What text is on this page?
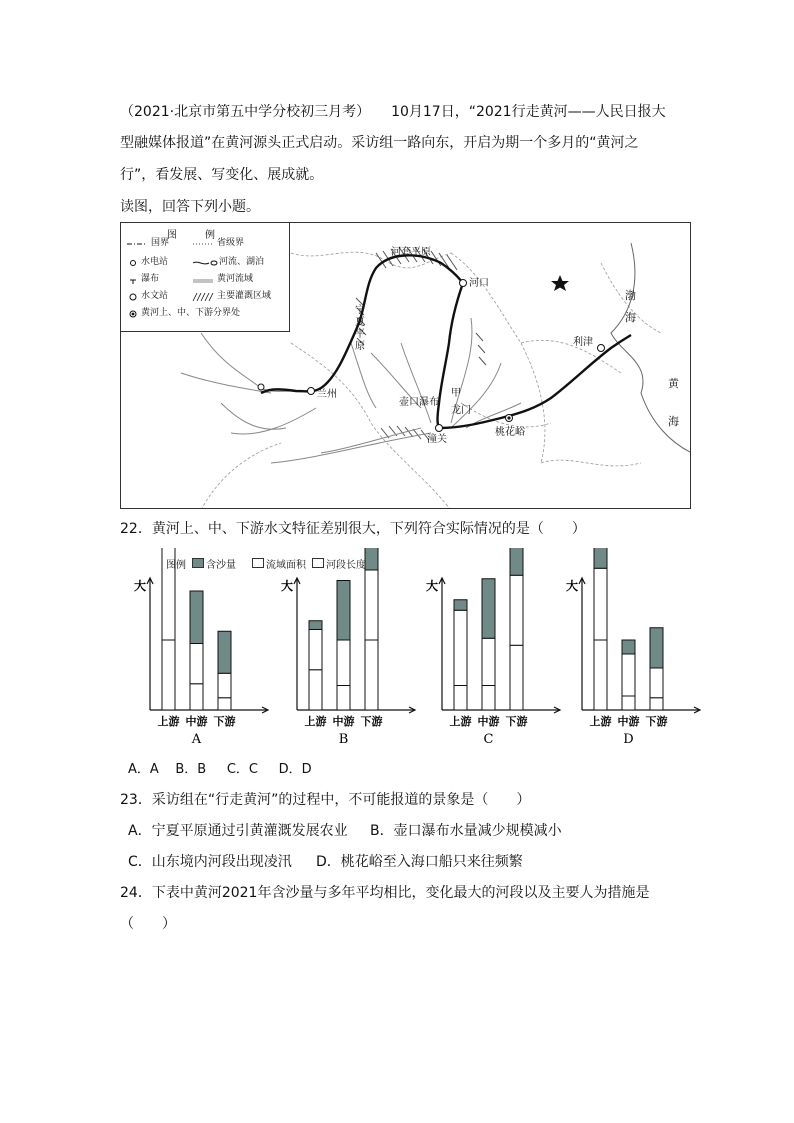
（2021·北京市第五中学分校初三月考）　　10月17日，“2021行走黄河——人民日报大
型融媒体报道”在黄河源头正式启动。采访组一路向东，开启为期一个多月的“黄河之
行”，看发展、写变化、展成就。
读图，回答下列小题。
图例
国界	省级界
水电站	河流、湖泊
瀑布	黄河流域
水文站	主要灌溉区域
黄河上、中、下游分界处
河套平原
河口
宁夏平原
兰州
壶口瀑布
甲
龙门
潼关
桃花峪
利津
渤海
黄海
22．黄河上、中、下游水文特征差别很大，下列符合实际情况的是（　　）
大
上游 中游 下游
A
大
上游 中游 下游
B
大
上游 中游 下游
C
大
上游 中游 下游
D
图例 含沙量	流域面积 河段长度
A．A B．B C．C D．D
23．采访组在“行走黄河”的过程中，不可能报道的景象是（　　）
A．宁夏平原通过引黄灌溉发展农业 B．壶口瀑布水量减少规模减小
C．山东境内河段出现凌汛 D．桃花峪至入海口船只来往频繁
24．下表中黄河2021年含沙量与多年平均相比，变化最大的河段以及主要人为措施是
（　　）
